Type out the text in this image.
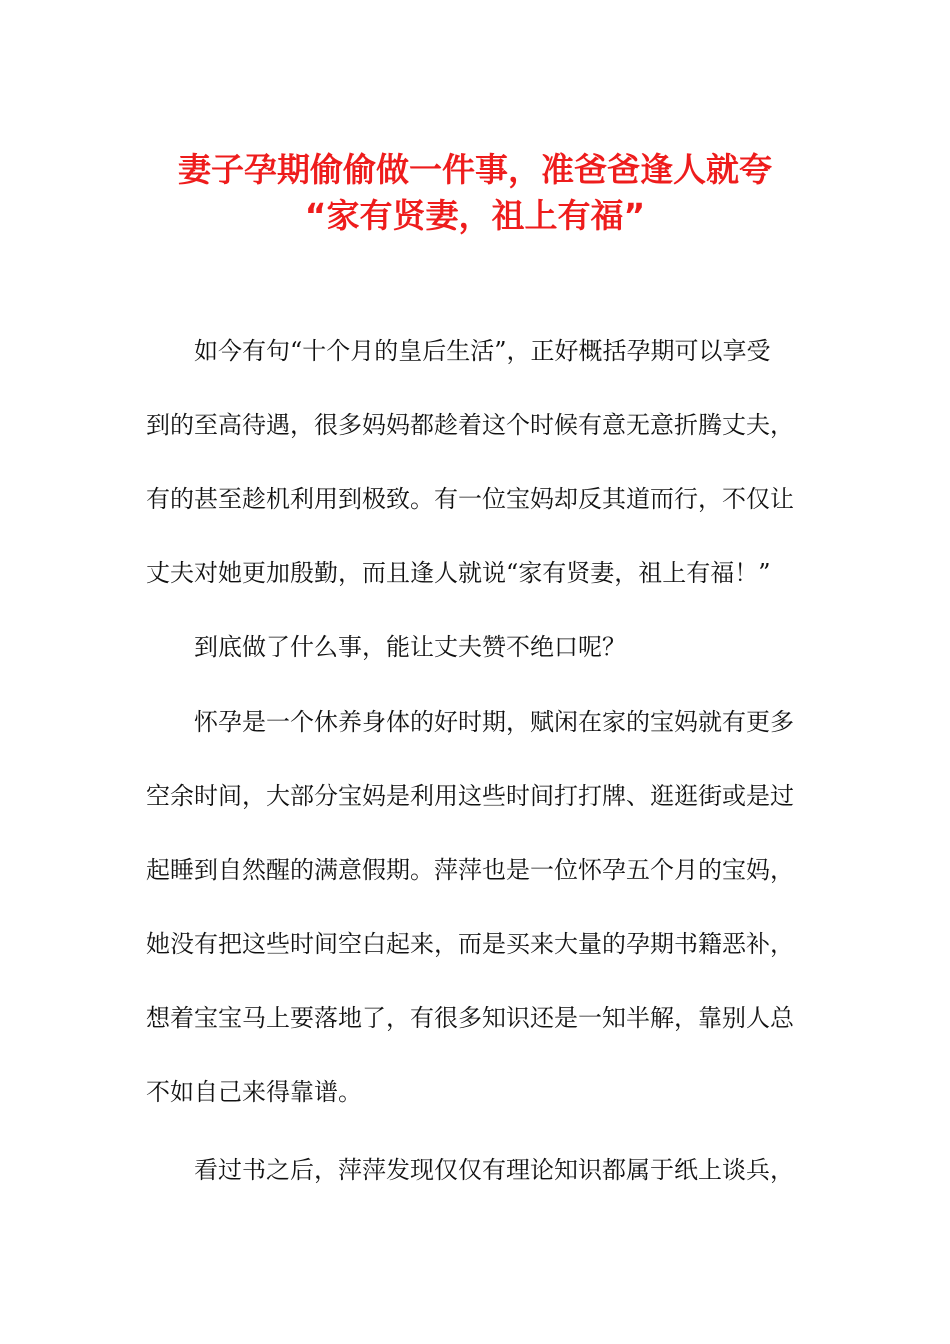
妻子孕期偷偷做一件事，准爸爸逢人就夸
“家有贤妻，祖上有福”
如今有句“十个月的皇后生活”，正好概括孕期可以享受
到的至高待遇，很多妈妈都趁着这个时候有意无意折腾丈夫，
有的甚至趁机利用到极致。有一位宝妈却反其道而行，不仅让
丈夫对她更加殷勤，而且逢人就说“家有贤妻，祖上有福！”
到底做了什么事，能让丈夫赞不绝口呢？
怀孕是一个休养身体的好时期，赋闲在家的宝妈就有更多
空余时间，大部分宝妈是利用这些时间打打牌、逛逛街或是过
起睡到自然醒的满意假期。萍萍也是一位怀孕五个月的宝妈，
她没有把这些时间空白起来，而是买来大量的孕期书籍恶补，
想着宝宝马上要落地了，有很多知识还是一知半解，靠别人总
不如自己来得靠谱。
看过书之后，萍萍发现仅仅有理论知识都属于纸上谈兵，
